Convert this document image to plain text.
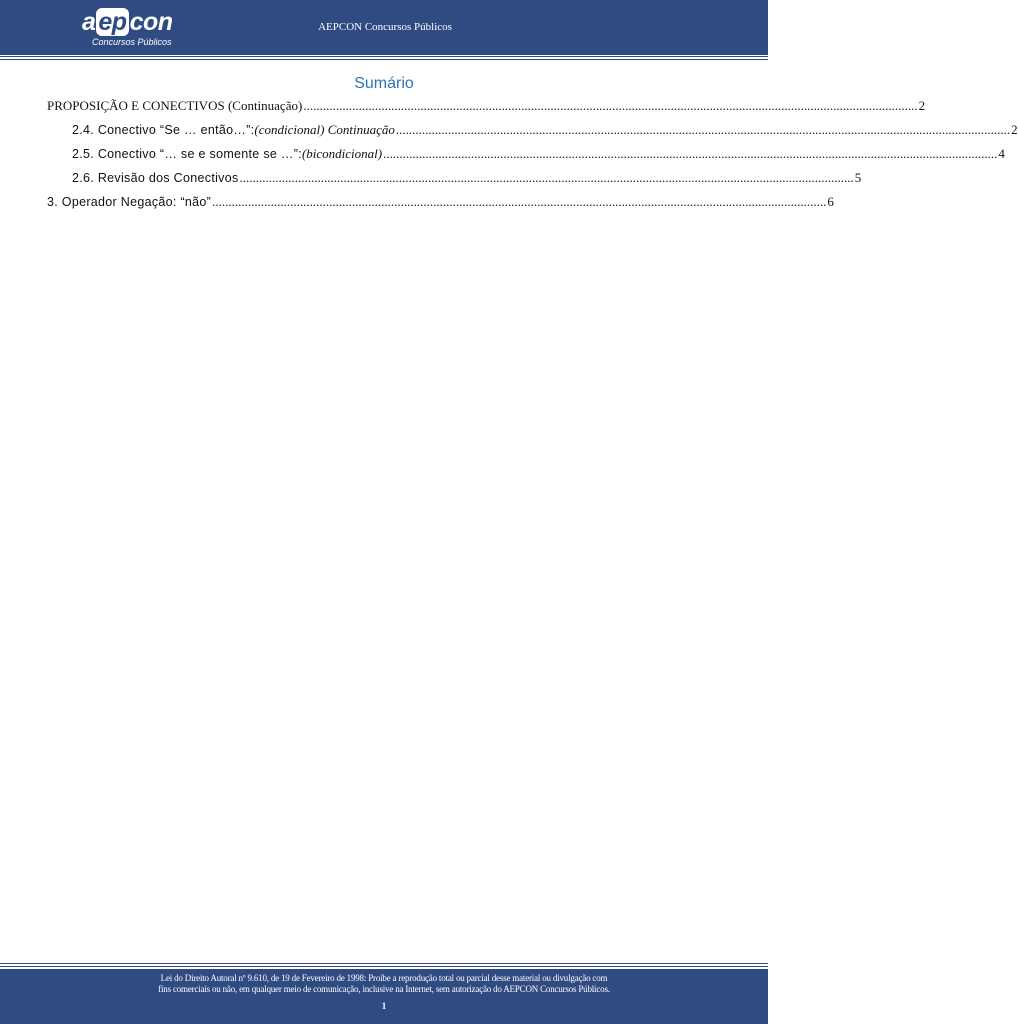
a ep con
Concursos Públicos
AEPCON Concursos Públicos
Sumário
PROPOSIÇÃO E CONECTIVOS (Continuação) ............................................................................................................................................................................................. 2
2.4. Conectivo “Se … então…”: (condicional) Continuação ............................................................................................................................................................................................. 2
2.5. Conectivo “… se e somente se …”: (bicondicional) ............................................................................................................................................................................................. 4
2.6. Revisão dos Conectivos ............................................................................................................................................................................................. 5
3. Operador Negação: “não” ............................................................................................................................................................................................. 6
Lei do Direito Autoral nº 9.610, de 19 de Fevereiro de 1998: Proíbe a reprodução total ou parcial desse material ou divulgação com
fins comerciais ou não, em qualquer meio de comunicação, inclusive na Internet, sem autorização do AEPCON Concursos Públicos.
1
